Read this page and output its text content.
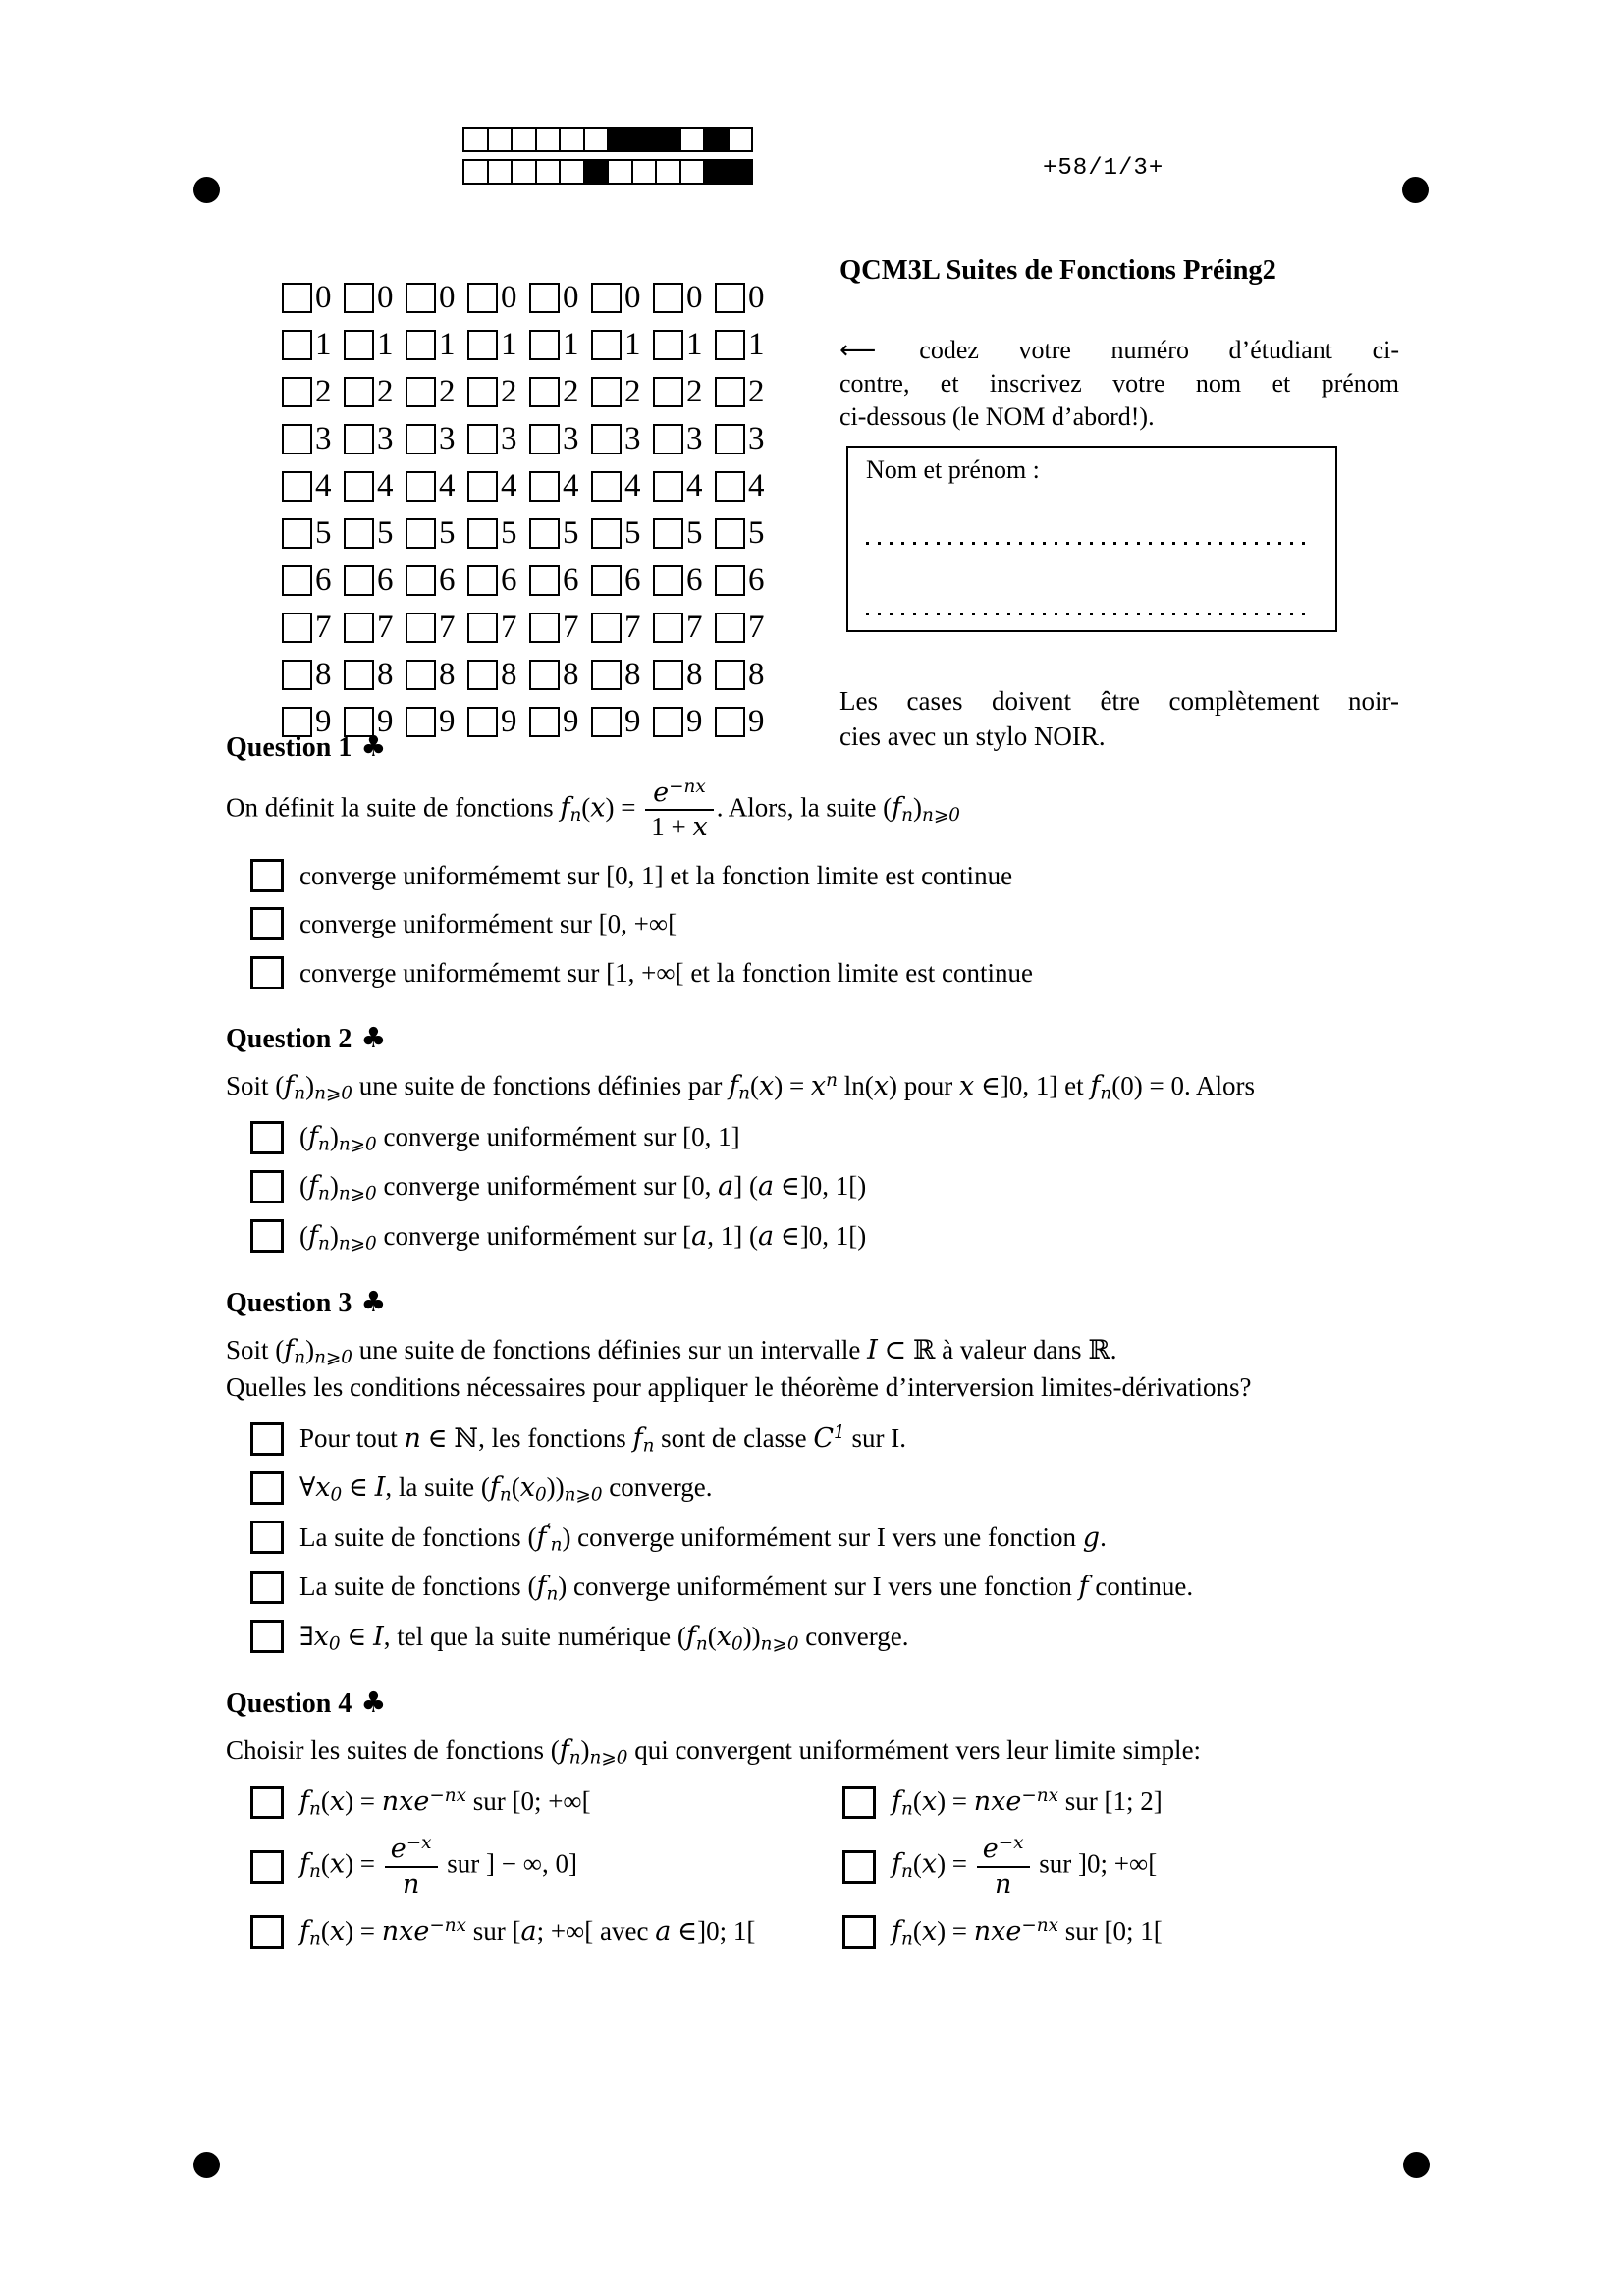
+58/1/3+
0 0 0 0 0 0 0 0
1 1 1 1 1 1 1 1
2 2 2 2 2 2 2 2
3 3 3 3 3 3 3 3
4 4 4 4 4 4 4 4
5 5 5 5 5 5 5 5
6 6 6 6 6 6 6 6
7 7 7 7 7 7 7 7
8 8 8 8 8 8 8 8
9 9 9 9 9 9 9 9
QCM3L Suites de Fonctions Préing2

⟵ codez votre numéro d’étudiant ci-
contre, et inscrivez votre nom et prénom
ci-dessous (le NOM d’abord!).

Nom et prénom :

Les cases doivent être complètement noir-
cies avec un stylo NOIR.

Question 1 ♣
On définit la suite de fonctions $f_n(x) = \frac{e^{-nx}}{1 + x}$ . Alors, la suite $(f_n)_{n⩾0}$
converge uniformémemt sur [0, 1] et la fonction limite est continue
converge uniformément sur [0, +∞[
converge uniformémemt sur [1, +∞[ et la fonction limite est continue
Question 2 ♣
Soit $(f_n)_{n⩾0}$ une suite de fonctions définies par $f_n(x) = x^n$ ln(x) pour x ∈]0, 1] et $f_n(0) = 0$. Alors
$(f_n)_{n⩾0}$ converge uniformément sur [0, 1]
$(f_n)_{n⩾0}$ converge uniformément sur [0, a] (a ∈]0, 1[)
$(f_n)_{n⩾0}$ converge uniformément sur [a, 1] (a ∈]0, 1[)
Question 3 ♣
Soit $(f_n)_{n⩾0}$ une suite de fonctions définies sur un intervalle I ⊂ ℝ à valeur dans ℝ.
Quelles les conditions nécessaires pour appliquer le théorème d’interversion limites-dérivations?
Pour tout n ∈ ℕ, les fonctions $f_n$ sont de classe $C^1$ sur I.
$\forall x_0$ ∈ I, la suite $(f_n(x_0))_{n⩾0}$ converge.
La suite de fonctions $(f'_n)$ converge uniformément sur I vers une fonction g.
La suite de fonctions $(f_n)$ converge uniformément sur I vers une fonction f continue.
$\exists x_0$ ∈ I, tel que la suite numérique $(f_n(x_0))_{n⩾0}$ converge.
Question 4 ♣
Choisir les suites de fonctions $(f_n)_{n⩾0}$ qui convergent uniformément vers leur limite simple:
$f_n(x) = nxe^{-nx}$ sur [0; +∞[	$f_n(x) = nxe^{-nx}$ sur [1; 2]
$f_n(x) = \frac{e^{-x}}{n}$ sur ] − ∞, 0]	$f_n(x) = \frac{e^{-x}}{n}$ sur ]0; +∞[
$f_n(x) = nxe^{-nx}$ sur [a; +∞[ avec a ∈]0; 1[	$f_n(x) = nxe^{-nx}$ sur [0; 1[
